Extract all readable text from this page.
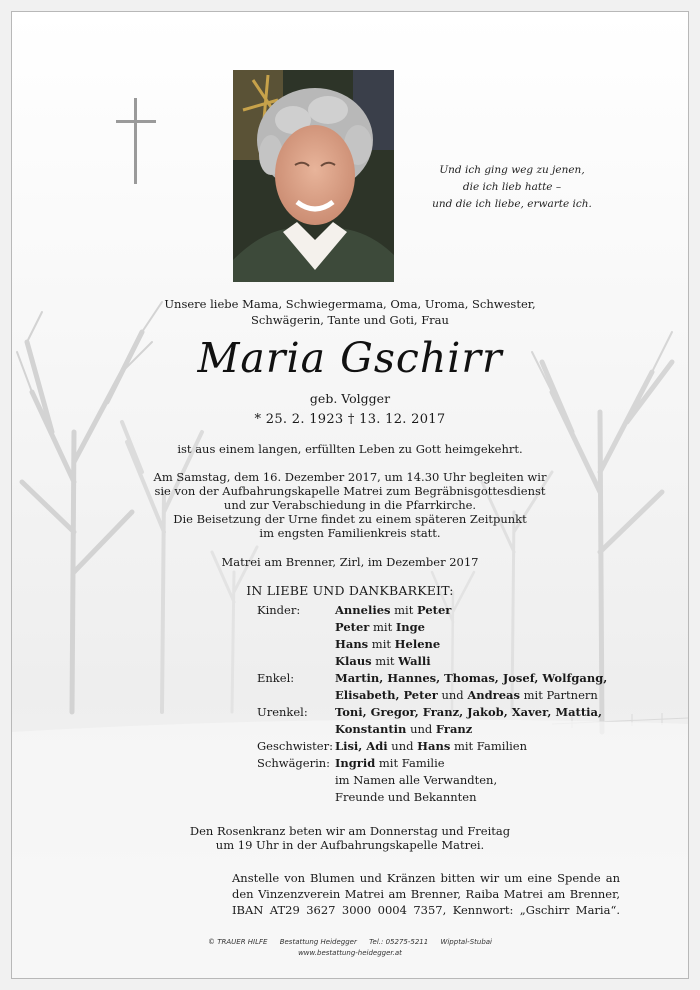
Und ich ging weg zu jenen,
die ich lieb hatte –
und die ich liebe, erwarte ich.
Unsere liebe Mama, Schwiegermama, Oma, Uroma, Schwester,
Schwägerin, Tante und Goti, Frau
Maria Gschirr
geb. Volgger
* 25. 2. 1923 † 13. 12. 2017
ist aus einem langen, erfüllten Leben zu Gott heimgekehrt.
Am Samstag, dem 16. Dezember 2017, um 14.30 Uhr begleiten wir
sie von der Aufbahrungskapelle Matrei zum Begräbnisgottesdienst
und zur Verabschiedung in die Pfarrkirche.
Die Beisetzung der Urne findet zu einem späteren Zeitpunkt
im engsten Familienkreis statt.
Matrei am Brenner, Zirl, im Dezember 2017
IN LIEBE UND DANKBARKEIT:
Kinder:	Annelies mit Peter
Peter mit Inge
Hans mit Helene
Klaus mit Walli
Enkel:	Martin, Hannes, Thomas, Josef, Wolfgang,
Elisabeth, Peter und Andreas mit Partnern
Urenkel:	Toni, Gregor, Franz, Jakob, Xaver, Mattia,
Konstantin und Franz
Geschwister: Lisi, Adi und Hans mit Familien
Schwägerin: Ingrid mit Familie
im Namen alle Verwandten,
Freunde und Bekannten
Den Rosenkranz beten wir am Donnerstag und Freitag
um 19 Uhr in der Aufbahrungskapelle Matrei.
Anstelle von Blumen und Kränzen bitten wir um eine Spende an
den Vinzenzverein Matrei am Brenner, Raiba Matrei am Brenner,
IBAN AT29 3627 3000 0004 7357, Kennwort: „Gschirr Maria“.
© TRAUER HILFE Bestattung Heidegger Tel.: 05275-5211 Wipptal-Stubai
www.bestattung-heidegger.at
